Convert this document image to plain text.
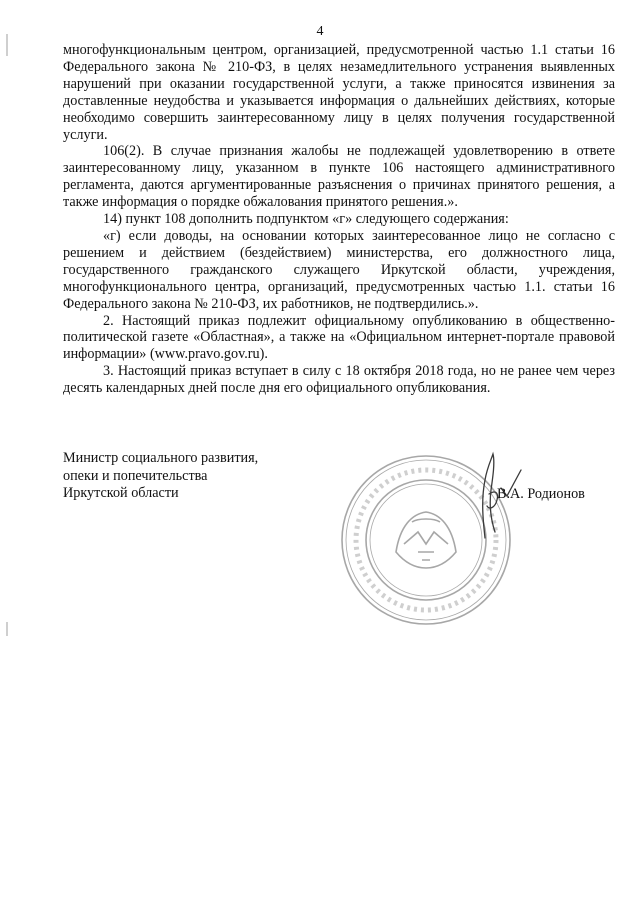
4

многофункциональным центром, организацией, предусмотренной частью 1.1 статьи 16 Федерального закона № 210-ФЗ, в целях незамедлительного устранения выявленных нарушений при оказании государственной услуги, а также приносятся извинения за доставленные неудобства и указывается информация о дальнейших действиях, которые необходимо совершить заинтересованному лицу в целях получения государственной услуги.

106(2). В случае признания жалобы не подлежащей удовлетворению в ответе заинтересованному лицу, указанном в пункте 106 настоящего административного регламента, даются аргументированные разъяснения о причинах принятого решения, а также информация о порядке обжалования принятого решения.».

14) пункт 108 дополнить подпунктом «г» следующего содержания:

«г) если доводы, на основании которых заинтересованное лицо не согласно с решением и действием (бездействием) министерства, его должностного лица, государственного гражданского служащего Иркутской области, учреждения, многофункционального центра, организаций, предусмотренных частью 1.1. статьи 16 Федерального закона № 210-ФЗ, их работников, не подтвердились.».

2. Настоящий приказ подлежит официальному опубликованию в общественно-политической газете «Областная», а также на «Официальном интернет-портале правовой информации» (www.pravo.gov.ru).

3. Настоящий приказ вступает в силу с 18 октября 2018 года, но не ранее чем через десять календарных дней после дня его официального опубликования.

Министр социального развития,
опеки и попечительства
Иркутской области	В.А. Родионов
